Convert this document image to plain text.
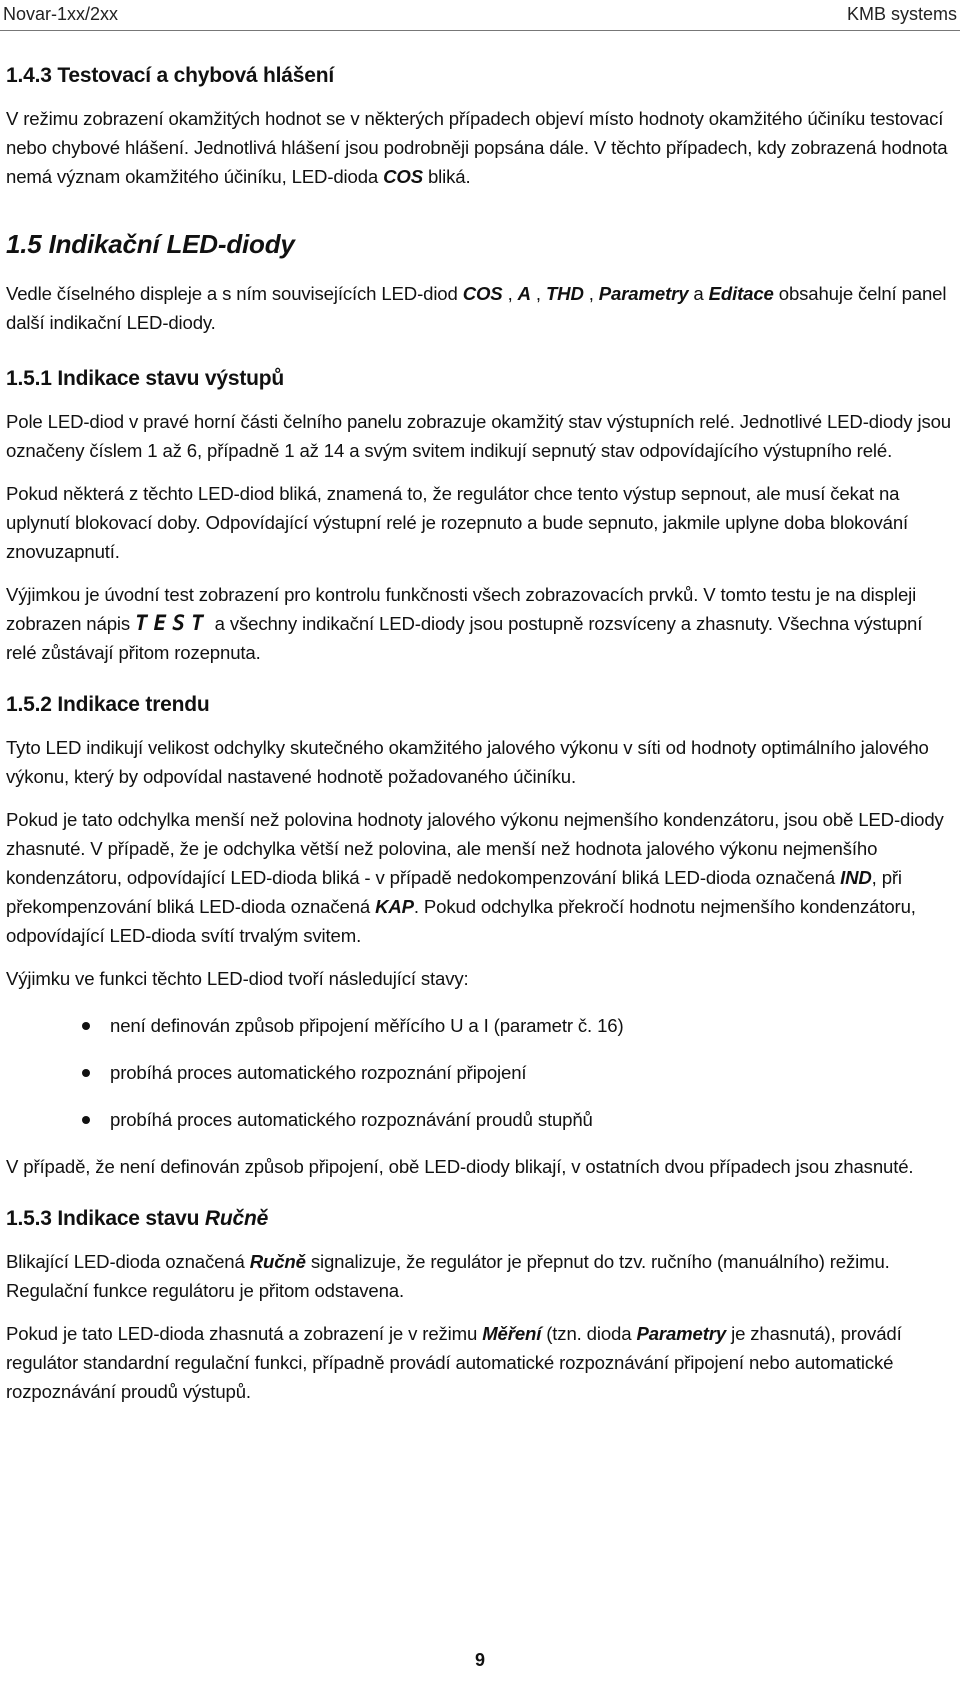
Novar-1xx/2xx	KMB systems
1.4.3 Testovací a chybová hlášení

V režimu zobrazení okamžitých hodnot se v některých případech objeví místo hodnoty okamžitého účiníku testovací nebo chybové hlášení. Jednotlivá hlášení jsou podrobněji popsána dále. V těchto případech, kdy zobrazená hodnota nemá význam okamžitého účiníku, LED-dioda COS bliká.

1.5 Indikační LED-diody

Vedle číselného displeje a s ním souvisejících LED-diod COS , A , THD , Parametry a Editace obsahuje čelní panel další indikační LED-diody.

1.5.1 Indikace stavu výstupů

Pole LED-diod v pravé horní části čelního panelu zobrazuje okamžitý stav výstupních relé. Jednotlivé LED-diody jsou označeny číslem 1 až 6, případně 1 až 14 a svým svitem indikují sepnutý stav odpovídajícího výstupního relé.

Pokud některá z těchto LED-diod bliká, znamená to, že regulátor chce tento výstup sepnout, ale musí čekat na uplynutí blokovací doby. Odpovídající výstupní relé je rozepnuto a bude sepnuto, jakmile uplyne doba blokování znovuzapnutí.

Výjimkou je úvodní test zobrazení pro kontrolu funkčnosti všech zobrazovacích prvků. V tomto testu je na displeji zobrazen nápis TEST a všechny indikační LED-diody jsou postupně rozsvíceny a zhasnuty. Všechna výstupní relé zůstávají přitom rozepnuta.

1.5.2 Indikace trendu

Tyto LED indikují velikost odchylky skutečného okamžitého jalového výkonu v síti od hodnoty optimálního jalového výkonu, který by odpovídal nastavené hodnotě požadovaného účiníku.

Pokud je tato odchylka menší než polovina hodnoty jalového výkonu nejmenšího kondenzátoru, jsou obě LED-diody zhasnuté. V případě, že je odchylka větší než polovina, ale menší než hodnota jalového výkonu nejmenšího kondenzátoru, odpovídající LED-dioda bliká - v případě nedokompenzování bliká LED-dioda označená IND, při překompenzování bliká LED-dioda označená KAP. Pokud odchylka překročí hodnotu nejmenšího kondenzátoru, odpovídající LED-dioda svítí trvalým svitem.

Výjimku ve funkci těchto LED-diod tvoří následující stavy:

není definován způsob připojení měřícího U a I (parametr č. 16)
probíhá proces automatického rozpoznání připojení
probíhá proces automatického rozpoznávání proudů stupňů

V případě, že není definován způsob připojení, obě LED-diody blikají, v ostatních dvou případech jsou zhasnuté.

1.5.3 Indikace stavu Ručně

Blikající LED-dioda označená Ručně signalizuje, že regulátor je přepnut do tzv. ručního (manuálního) režimu. Regulační funkce regulátoru je přitom odstavena.

Pokud je tato LED-dioda zhasnutá a zobrazení je v režimu Měření (tzn. dioda Parametry je zhasnutá), provádí regulátor standardní regulační funkci, případně provádí automatické rozpoznávání připojení nebo automatické rozpoznávání proudů výstupů.

9
